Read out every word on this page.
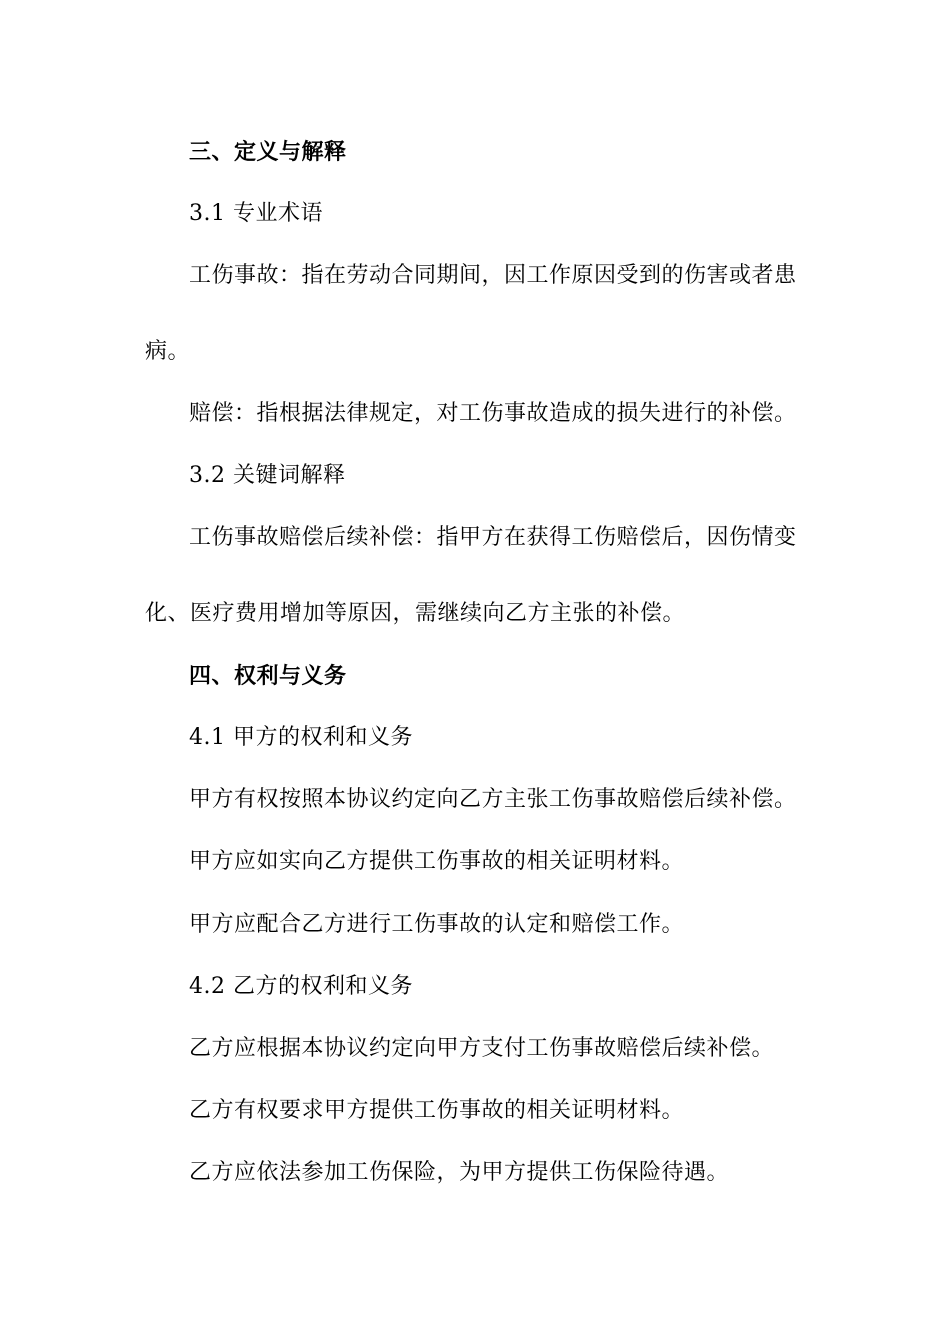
三、定义与解释
3.1 专业术语
工伤事故：指在劳动合同期间，因工作原因受到的伤害或者患
病。
赔偿：指根据法律规定，对工伤事故造成的损失进行的补偿。
3.2 关键词解释
工伤事故赔偿后续补偿：指甲方在获得工伤赔偿后，因伤情变
化、医疗费用增加等原因，需继续向乙方主张的补偿。
四、权利与义务
4.1 甲方的权利和义务
甲方有权按照本协议约定向乙方主张工伤事故赔偿后续补偿。
甲方应如实向乙方提供工伤事故的相关证明材料。
甲方应配合乙方进行工伤事故的认定和赔偿工作。
4.2 乙方的权利和义务
乙方应根据本协议约定向甲方支付工伤事故赔偿后续补偿。
乙方有权要求甲方提供工伤事故的相关证明材料。
乙方应依法参加工伤保险，为甲方提供工伤保险待遇。
